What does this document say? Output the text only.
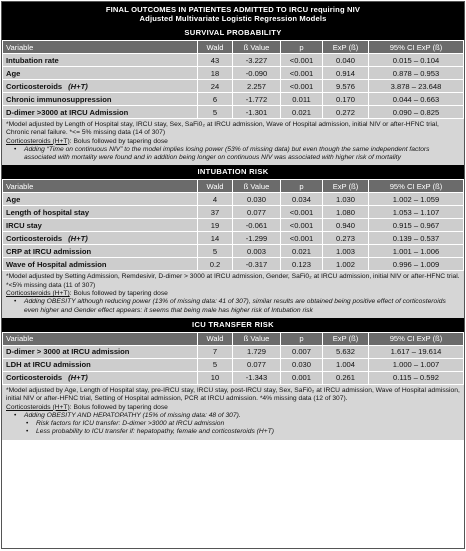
FINAL OUTCOMES IN PATIENTES ADMITTED TO IRCU requiring NIV
Adjusted Multivariate Logistic Regression Models
SURVIVAL PROBABILITY
Variable	Wald	ß Value	p	ExP (ß)	95% CI ExP (ß)
Intubation rate	43	-3.227	<0.001	0.040	0.015 – 0.104
Age	18	-0.090	<0.001	0.914	0.878 – 0.953
Corticosteroids (H+T)	24	2.257	<0.001	9.576	3.878 – 23.648
Chronic immunosuppression	6	-1.772	0.011	0.170	0.044 – 0.663
D-dimer >3000 at IRCU Admission	5	-1.301	0.021	0.272	0.090 – 0.825

*Model adjusted by Length of Hospital stay, IRCU stay, Sex, SaFi0₂ at IRCU admission, Wave of Hospital admission, initial NIV or after-HFNC trial, Chronic renal failure. *<= 5% missing data (14 of 307)

Corticosteroids (H+T): Bolus followed by tapering dose

• Adding “Time on continuous NIV” to the model implies losing power (53% of missing data) but even though the same independent factors associated with mortality were found and in addition being longer on continuous NIV was associated with higher risk of mortality
INTUBATION RISK
Variable	Wald	ß Value	p	ExP (ß)	95% CI ExP (ß)
Age	4	0.030	0.034	1.030	1.002 – 1.059
Length of hospital stay	37	0.077	<0.001	1.080	1.053 – 1.107
IRCU stay	19	-0.061	<0.001	0.940	0.915 – 0.967
Corticosteroids (H+T)	14	-1.299	<0.001	0.273	0.139 – 0.537
CRP at IRCU admission	5	0.003	0.021	1.003	1.001 – 1.006
Wave of Hospital admission	0.2	-0.317	0.123	1.002	0.996 – 1.009

*Model adjusted by Setting Admission, Remdesivir, D-dimer > 3000 at IRCU admission, Gender, SaFi0₂ at IRCU admission, initial NIV or after-HFNC trial. *<5% missing data (11 of 307)

Corticosteroids (H+T): Bolus followed by tapering dose

• Adding OBESITY although reducing power (13% of missing data: 41 of 307), similar results are obtained being positive effect of corticosteroids even higher and Gender effect appears: it seems that being male has higher risk of Intubation risk
ICU TRANSFER RISK
Variable	Wald	ß Value	p	ExP (ß)	95% CI ExP (ß)
D-dimer > 3000 at IRCU admission	7	1.729	0.007	5.632	1.617 – 19.614
LDH at IRCU admission	5	0.077	0.030	1.004	1.000 – 1.007
Corticosteroids (H+T)	10	-1.343	0.001	0.261	0.115 – 0.592

*Model adjusted by Age, Length of Hospital stay, pre-IRCU stay, IRCU stay, post-IRCU stay, Sex, SaFi0₂ at IRCU admission, Wave of Hospital admission, initial NIV or after-HFNC trial, Setting of Hospital admission, PCR at IRCU admission. *4% missing data (12 of 307).

Corticosteroids (H+T): Bolus followed by tapering dose

• Adding OBESITY AND HEPATOPATHY (15% of missing data: 48 of 307).
• Risk factors for ICU transfer: D-dimer >3000 at IRCU admission
• Less probability to ICU transfer if: hepatopathy, female and corticosteroids (H+T)
